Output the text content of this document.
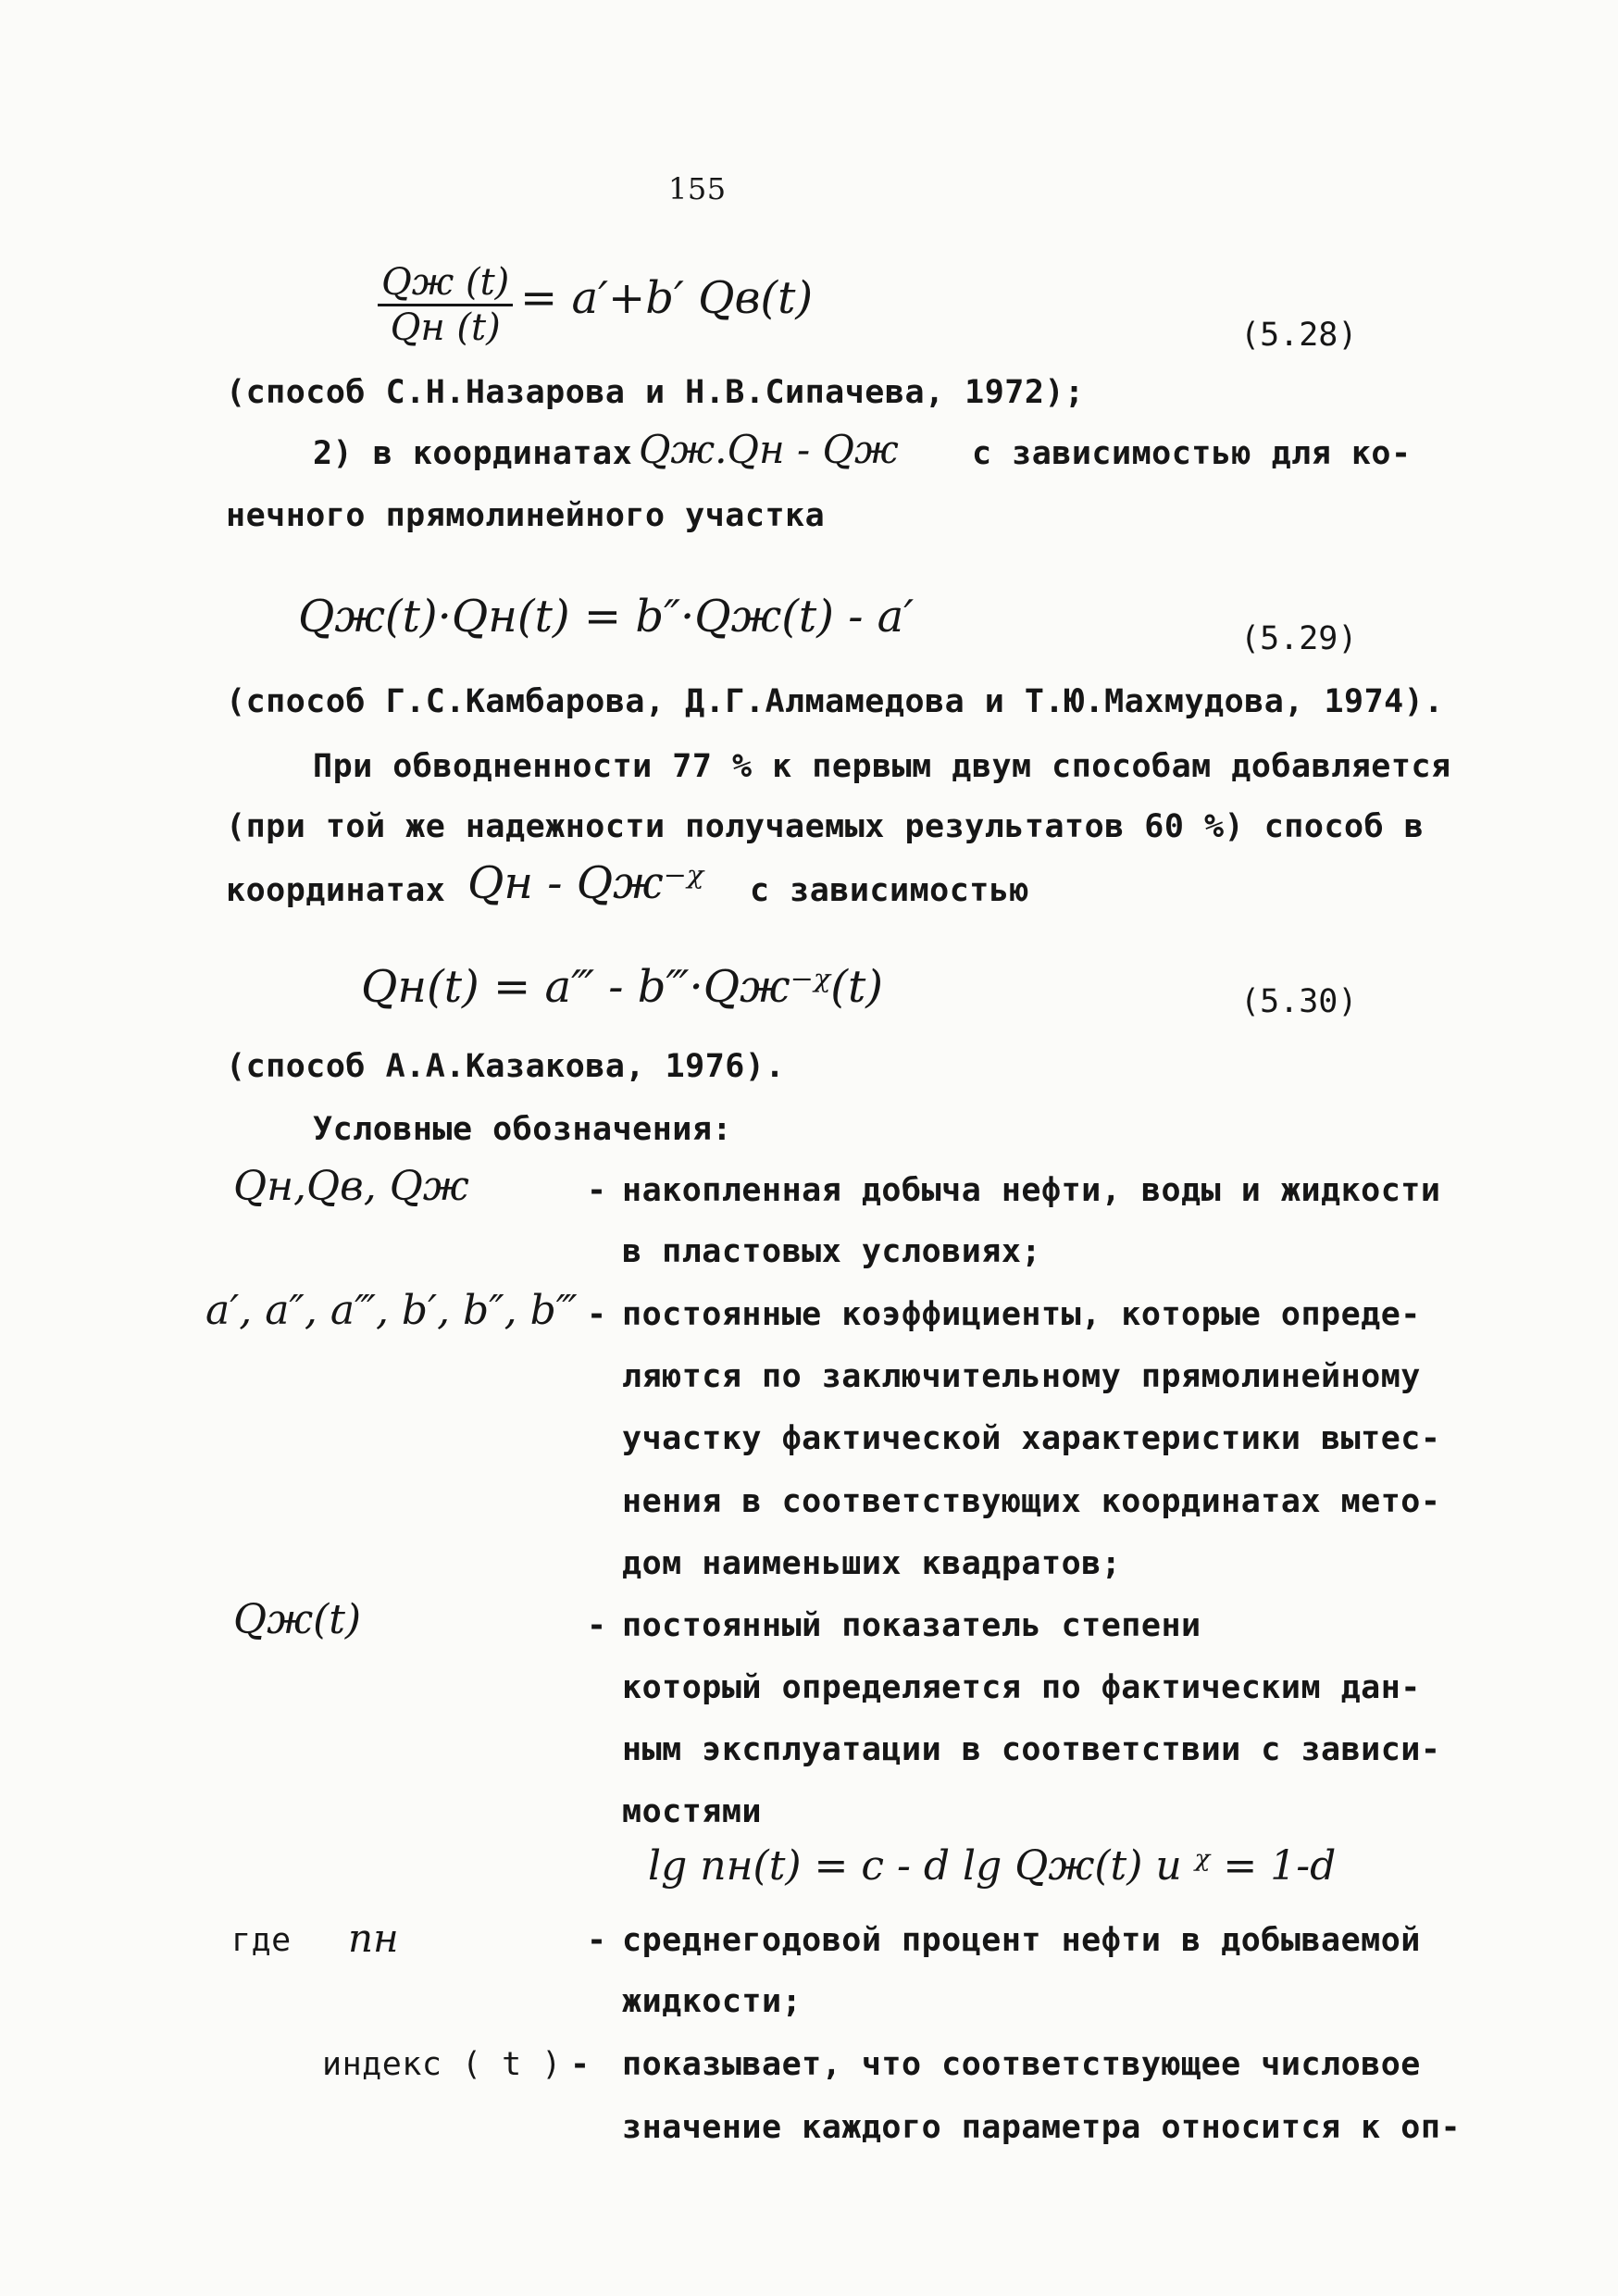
155
Qж (t)
Qн (t)
= a′+b′ Qв(t)
(5.28)
(способ С.Н.Назарова и Н.В.Сипачева, 1972);
2) в координатах Qж.Qн - Qж с зависимостью для ко-
нечного прямолинейного участка
Qж(t)·Qн(t) = b″·Qж(t) - a′	(5.29)
(способ Г.С.Камбарова, Д.Г.Алмамедова и Т.Ю.Махмудова, 1974).
При обводненности 77 % к первым двум способам добавляется
(при той же надежности получаемых результатов 60 %) способ в
координатах Qн - Qж⁻ᵡ с зависимостью
Qн(t) = a‴ - b‴·Qж⁻ᵡ(t)	(5.30)
(способ А.А.Казакова, 1976).
Условные обозначения:
Qн,Qв, Qж	- накопленная добыча нефти, воды и жидкости
в пластовых условиях;
a′, a″, a‴, b′, b″, b‴ - постоянные коэффициенты, которые опреде-
ляются по заключительному прямолинейному
участку фактической характеристики вытес-
нения в соответствующих координатах мето-
дом наименьших квадратов;
Qж(t)	- постоянный показатель степени
который определяется по фактическим дан-
ным эксплуатации в соответствии с зависи-
мостями
lg nн(t) = c - d lg Qж(t) и ᵡ = 1-d
где nн	- среднегодовой процент нефти в добываемой
жидкости;
индекс ( t ) - показывает, что соответствующее числовое
значение каждого параметра относится к оп-
